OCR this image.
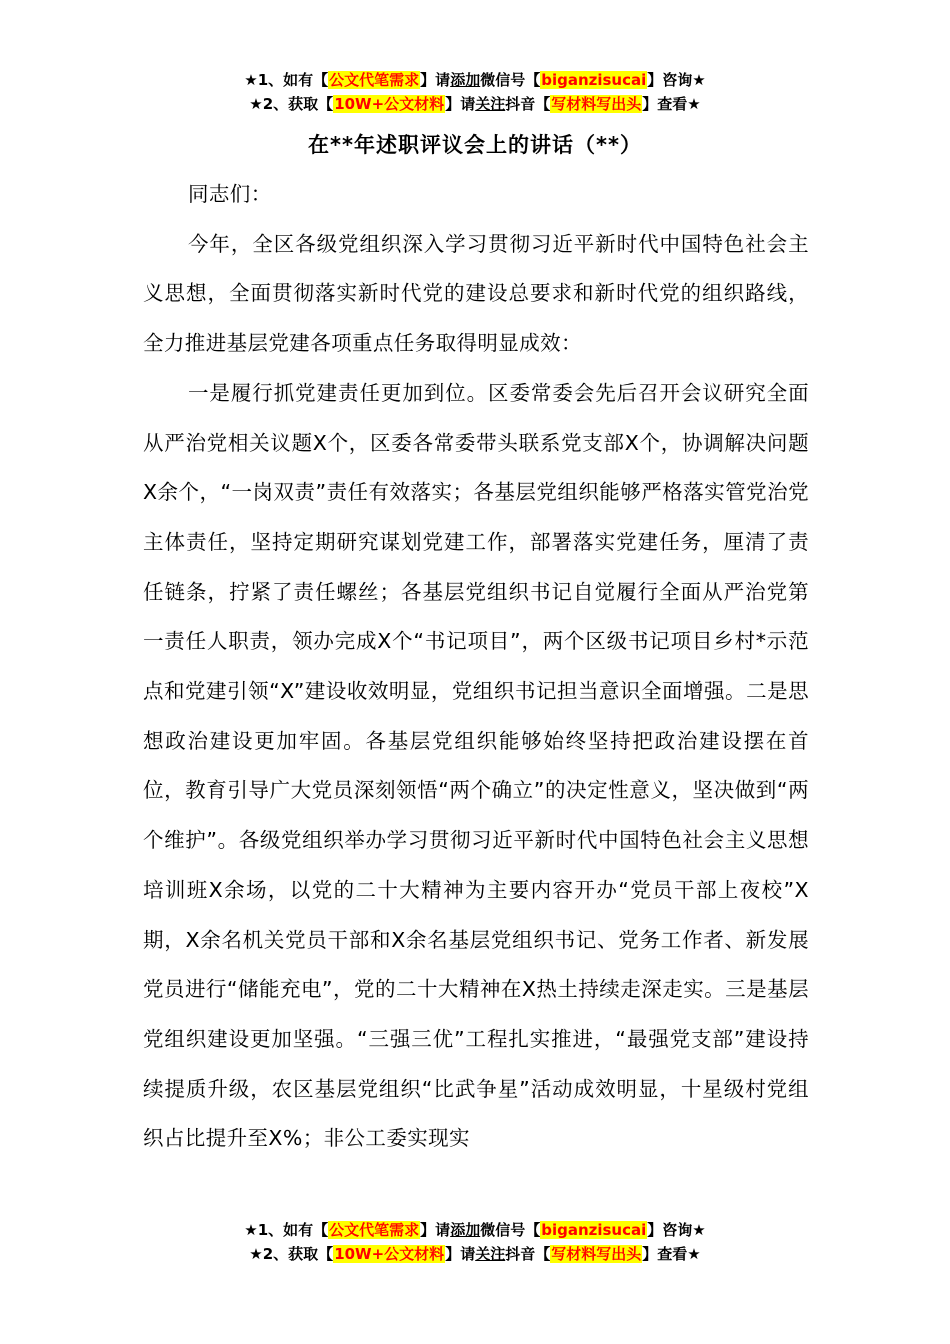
★1、如有【公文代笔需求】请添加微信号【biganzisucai】咨询★
★2、获取【10W+公文材料】请关注抖音【写材料写出头】查看★
在**年述职评议会上的讲话（**）

同志们：

今年，全区各级党组织深入学习贯彻习近平新时代中国特色社会主义思想，全面贯彻落实新时代党的建设总要求和新时代党的组织路线，全力推进基层党建各项重点任务取得明显成效：

一是履行抓党建责任更加到位。区委常委会先后召开会议研究全面从严治党相关议题X个，区委各常委带头联系党支部X个，协调解决问题X余个，“一岗双责”责任有效落实；各基层党组织能够严格落实管党治党主体责任，坚持定期研究谋划党建工作，部署落实党建任务，厘清了责任链条，拧紧了责任螺丝；各基层党组织书记自觉履行全面从严治党第一责任人职责，领办完成X个“书记项目”，两个区级书记项目乡村*示范点和党建引领“X”建设收效明显，党组织书记担当意识全面增强。二是思想政治建设更加牢固。各基层党组织能够始终坚持把政治建设摆在首位，教育引导广大党员深刻领悟“两个确立”的决定性意义，坚决做到“两个维护”。各级党组织举办学习贯彻习近平新时代中国特色社会主义思想培训班X余场，以党的二十大精神为主要内容开办“党员干部上夜校”X期，X余名机关党员干部和X余名基层党组织书记、党务工作者、新发展党员进行“储能充电”，党的二十大精神在X热土持续走深走实。三是基层党组织建设更加坚强。“三强三优”工程扎实推进，“最强党支部”建设持续提质升级，农区基层党组织“比武争星”活动成效明显，十星级村党组织占比提升至X%；非公工委实现实

★1、如有【公文代笔需求】请添加微信号【biganzisucai】咨询★
★2、获取【10W+公文材料】请关注抖音【写材料写出头】查看★
